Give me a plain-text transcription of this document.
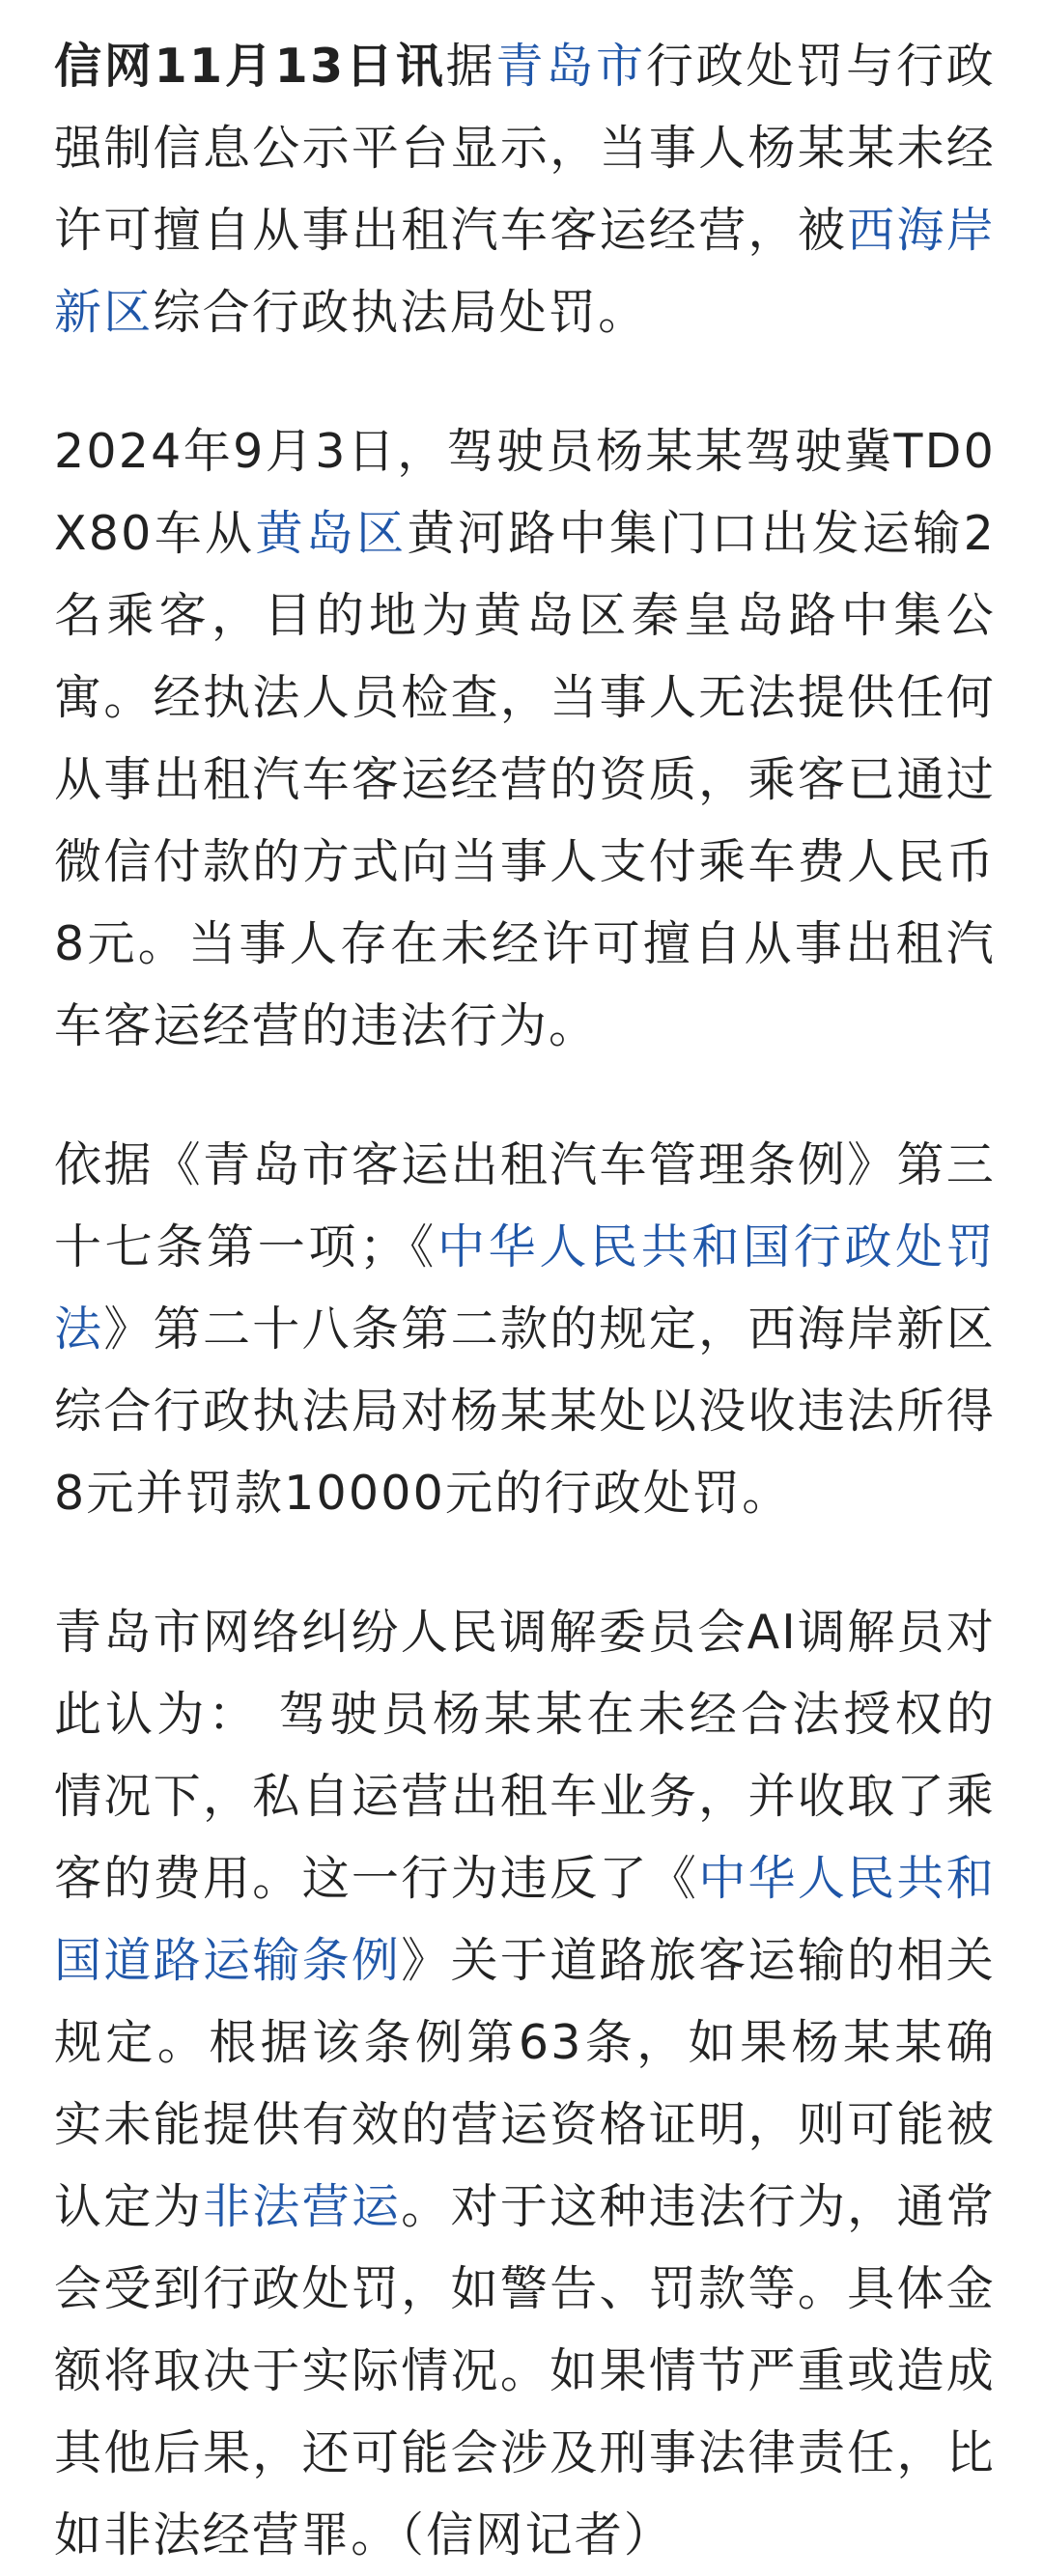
信网11月13日讯据青岛市行政处罚与行政强制信息公示平台显示，当事人杨某某未经许可擅自从事出租汽车客运经营，被西海岸新区综合行政执法局处罚。

2024年9月3日，驾驶员杨某某驾驶冀TD0X80车从黄岛区黄河路中集门口出发运输2名乘客，目的地为黄岛区秦皇岛路中集公寓。经执法人员检查，当事人无法提供任何从事出租汽车客运经营的资质，乘客已通过微信付款的方式向当事人支付乘车费人民币8元。当事人存在未经许可擅自从事出租汽车客运经营的违法行为。

依据《青岛市客运出租汽车管理条例》第三十七条第一项；《中华人民共和国行政处罚法》第二十八条第二款的规定，西海岸新区综合行政执法局对杨某某处以没收违法所得8元并罚款10000元的行政处罚。

青岛市网络纠纷人民调解委员会AI调解员对此认为： 驾驶员杨某某在未经合法授权的情况下，私自运营出租车业务，并收取了乘客的费用。这一行为违反了《中华人民共和国道路运输条例》关于道路旅客运输的相关规定。根据该条例第63条，如果杨某某确实未能提供有效的营运资格证明，则可能被认定为非法营运。对于这种违法行为，通常会受到行政处罚，如警告、罚款等。具体金额将取决于实际情况。如果情节严重或造成其他后果，还可能会涉及刑事法律责任，比如非法经营罪。（信网记者）
